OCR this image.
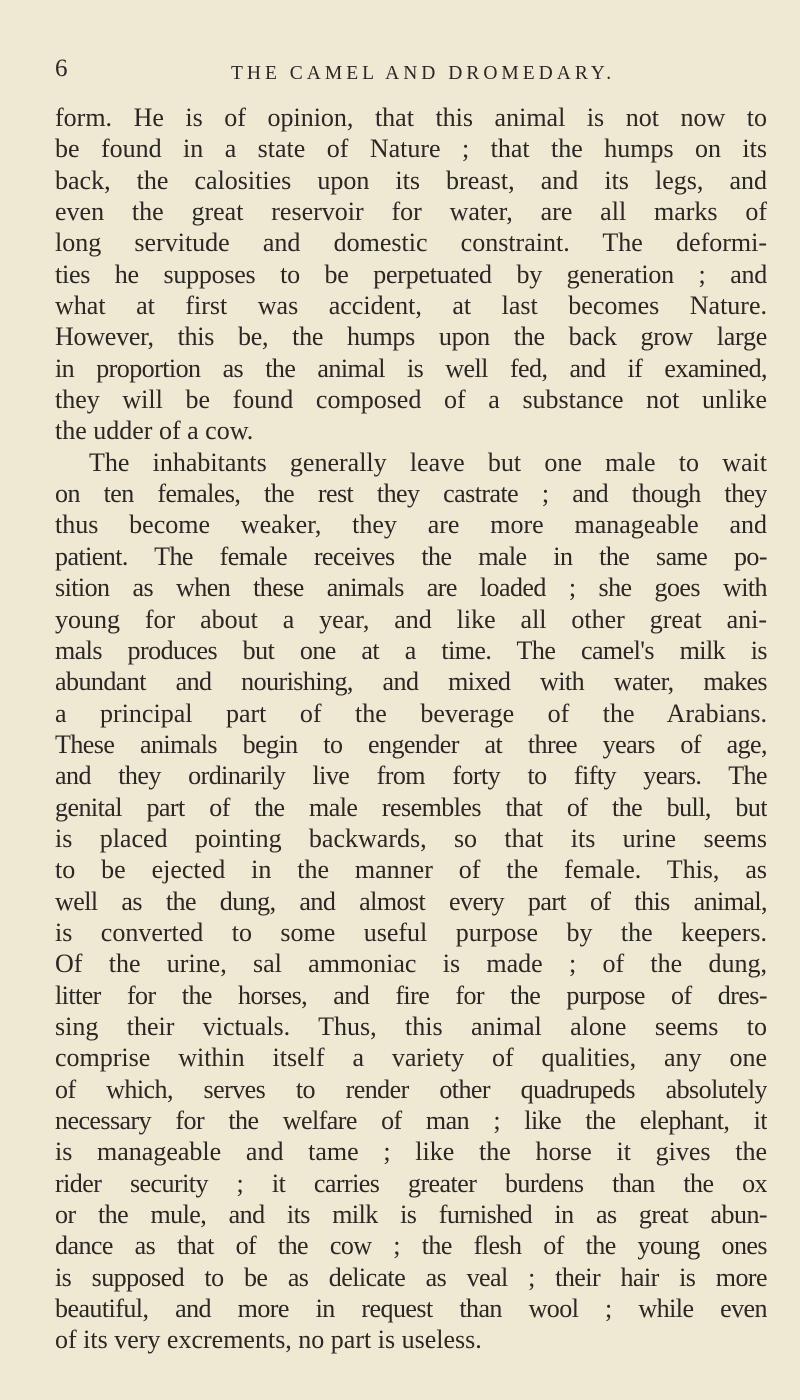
6	THE CAMEL AND DROMEDARY.
form. He is of opinion, that this animal is not now to
be found in a state of Nature ; that the humps on its
back, the calosities upon its breast, and its legs, and
even the great reservoir for water, are all marks of
long servitude and domestic constraint. The deformi-
ties he supposes to be perpetuated by generation ; and
what at first was accident, at last becomes Nature.
However, this be, the humps upon the back grow large
in proportion as the animal is well fed, and if examined,
they will be found composed of a substance not unlike
the udder of a cow.
The inhabitants generally leave but one male to wait
on ten females, the rest they castrate ; and though they
thus become weaker, they are more manageable and
patient. The female receives the male in the same po-
sition as when these animals are loaded ; she goes with
young for about a year, and like all other great ani-
mals produces but one at a time. The camel's milk is
abundant and nourishing, and mixed with water, makes
a principal part of the beverage of the Arabians.
These animals begin to engender at three years of age,
and they ordinarily live from forty to fifty years. The
genital part of the male resembles that of the bull, but
is placed pointing backwards, so that its urine seems
to be ejected in the manner of the female. This, as
well as the dung, and almost every part of this animal,
is converted to some useful purpose by the keepers.
Of the urine, sal ammoniac is made ; of the dung,
litter for the horses, and fire for the purpose of dres-
sing their victuals. Thus, this animal alone seems to
comprise within itself a variety of qualities, any one
of which, serves to render other quadrupeds absolutely
necessary for the welfare of man ; like the elephant, it
is manageable and tame ; like the horse it gives the
rider security ; it carries greater burdens than the ox
or the mule, and its milk is furnished in as great abun-
dance as that of the cow ; the flesh of the young ones
is supposed to be as delicate as veal ; their hair is more
beautiful, and more in request than wool ; while even
of its very excrements, no part is useless.
